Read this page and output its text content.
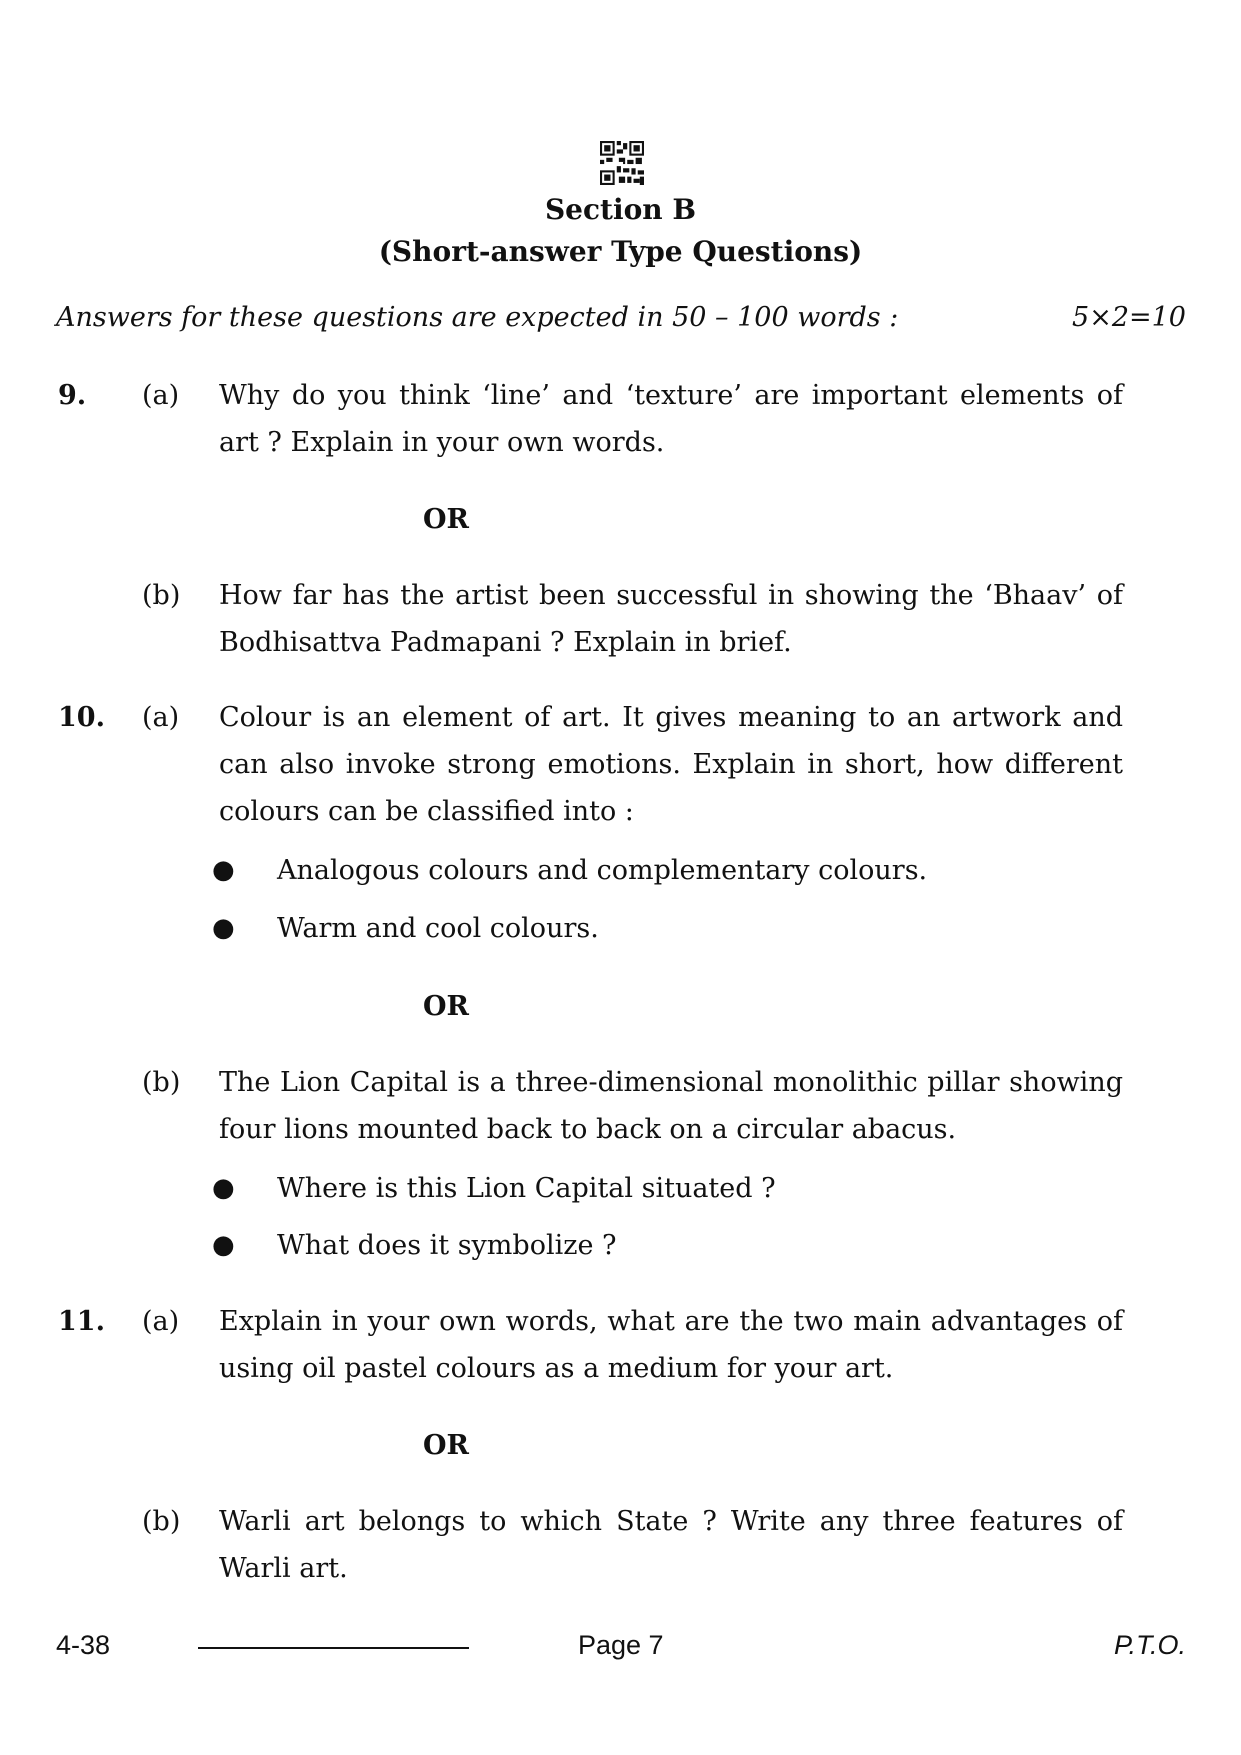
Section B
(Short-answer Type Questions)
Answers for these questions are expected in 50 – 100 words :	5×2=10
9. (a) Why do you think ‘line’ and ‘texture’ are important elements of art ? Explain in your own words.
OR
(b) How far has the artist been successful in showing the ‘Bhaav’ of Bodhisattva Padmapani ? Explain in brief.
10. (a) Colour is an element of art. It gives meaning to an artwork and can also invoke strong emotions. Explain in short, how different colours can be classified into :
● Analogous colours and complementary colours.
● Warm and cool colours.
OR
(b) The Lion Capital is a three-dimensional monolithic pillar showing four lions mounted back to back on a circular abacus.
● Where is this Lion Capital situated ?
● What does it symbolize ?
11. (a) Explain in your own words, what are the two main advantages of using oil pastel colours as a medium for your art.
OR
(b) Warli art belongs to which State ? Write any three features of Warli art.
4-38	Page 7	P.T.O.
